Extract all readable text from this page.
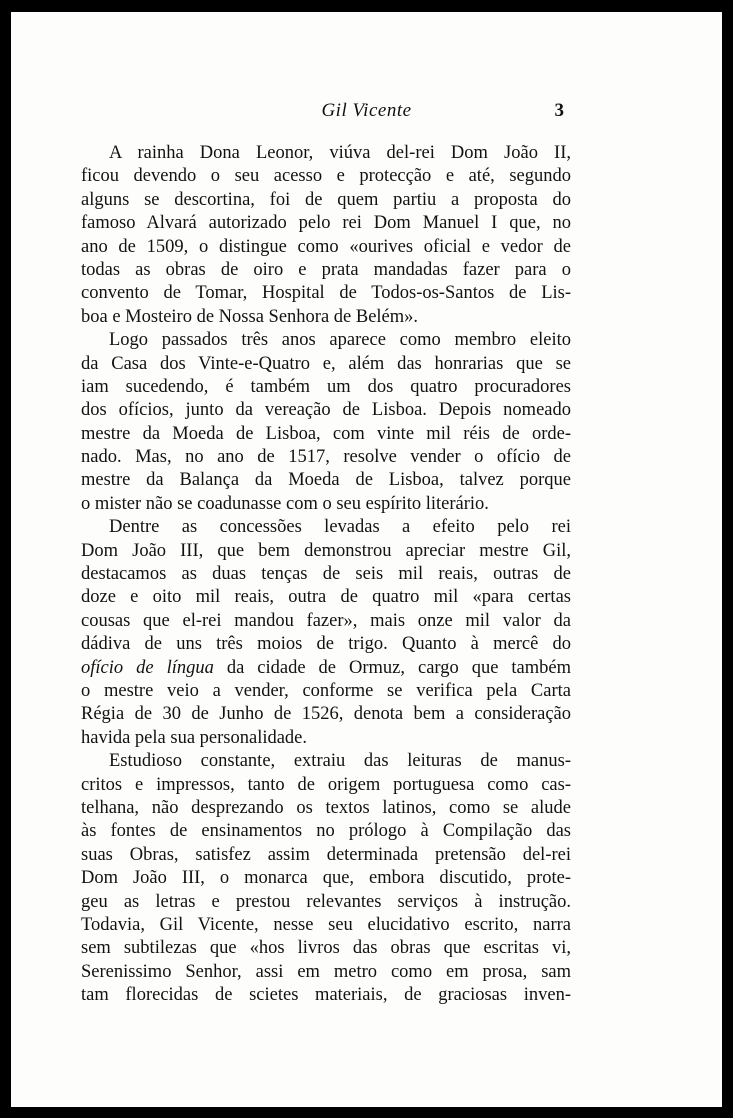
Gil Vicente	3
A rainha Dona Leonor, viúva del-rei Dom João II,
ficou devendo o seu acesso e protecção e até, segundo
alguns se descortina, foi de quem partiu a proposta do
famoso Alvará autorizado pelo rei Dom Manuel I que, no
ano de 1509, o distingue como «ourives oficial e vedor de
todas as obras de oiro e prata mandadas fazer para o
convento de Tomar, Hospital de Todos-os-Santos de Lis-
boa e Mosteiro de Nossa Senhora de Belém».
Logo passados três anos aparece como membro eleito
da Casa dos Vinte-e-Quatro e, além das honrarias que se
iam sucedendo, é também um dos quatro procuradores
dos ofícios, junto da vereação de Lisboa. Depois nomeado
mestre da Moeda de Lisboa, com vinte mil réis de orde-
nado. Mas, no ano de 1517, resolve vender o ofício de
mestre da Balança da Moeda de Lisboa, talvez porque
o mister não se coadunasse com o seu espírito literário.
Dentre as concessões levadas a efeito pelo rei
Dom João III, que bem demonstrou apreciar mestre Gil,
destacamos as duas tenças de seis mil reais, outras de
doze e oito mil reais, outra de quatro mil «para certas
cousas que el-rei mandou fazer», mais onze mil valor da
dádiva de uns três moios de trigo. Quanto à mercê do
ofício de língua da cidade de Ormuz, cargo que também
o mestre veio a vender, conforme se verifica pela Carta
Régia de 30 de Junho de 1526, denota bem a consideração
havida pela sua personalidade.
Estudioso constante, extraiu das leituras de manus-
critos e impressos, tanto de origem portuguesa como cas-
telhana, não desprezando os textos latinos, como se alude
às fontes de ensinamentos no prólogo à Compilação das
suas Obras, satisfez assim determinada pretensão del-rei
Dom João III, o monarca que, embora discutido, prote-
geu as letras e prestou relevantes serviços à instrução.
Todavia, Gil Vicente, nesse seu elucidativo escrito, narra
sem subtilezas que «hos livros das obras que escritas vi,
Serenissimo Senhor, assi em metro como em prosa, sam
tam florecidas de scietes materiais, de graciosas inven-
